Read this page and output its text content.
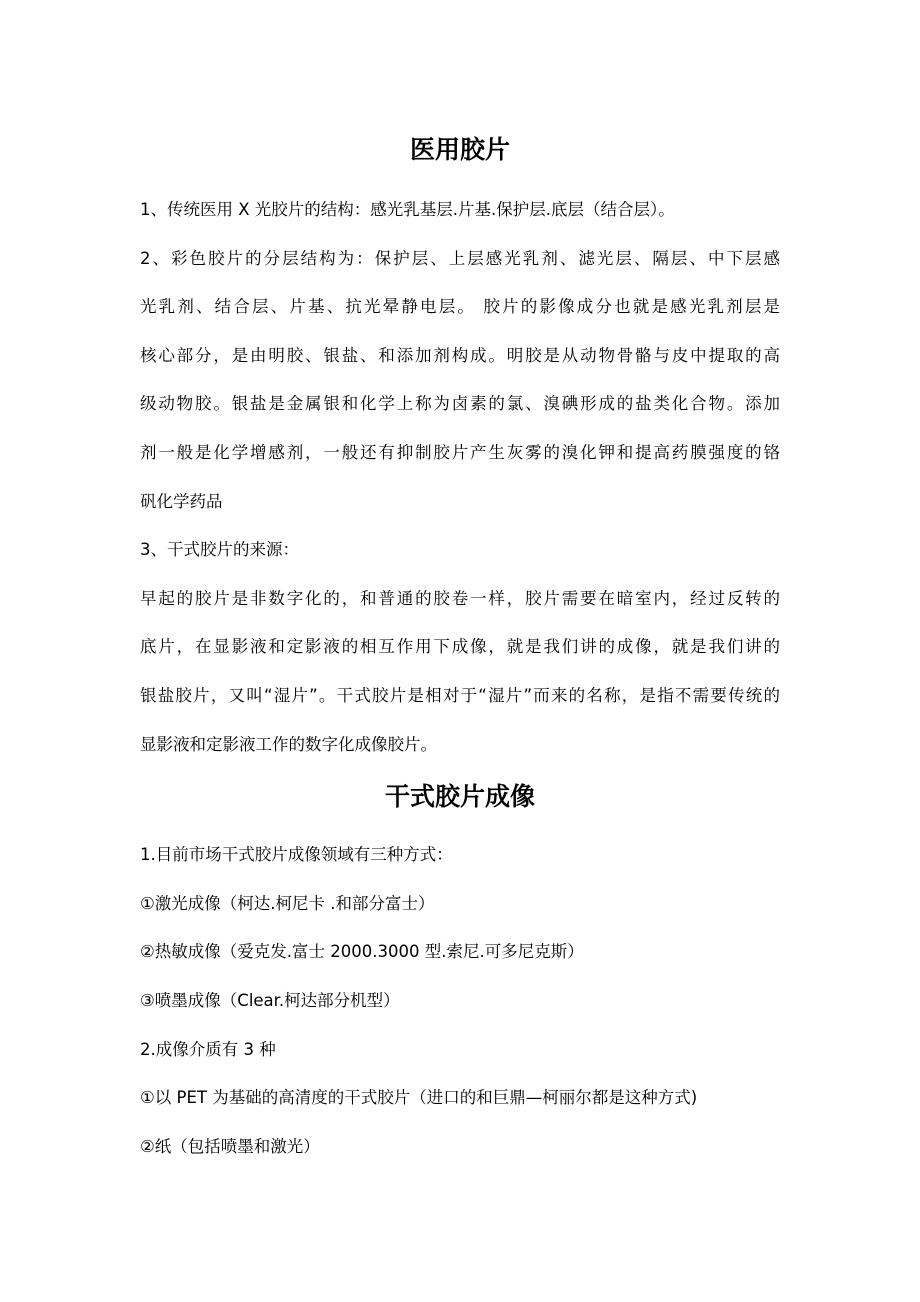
医用胶片

1、传统医用 X 光胶片的结构：感光乳基层.片基.保护层.底层（结合层）。

2、彩色胶片的分层结构为：保护层、上层感光乳剂、滤光层、隔层、中下层感

光乳剂、结合层、片基、抗光晕静电层。 胶片的影像成分也就是感光乳剂层是

核心部分，是由明胶、银盐、和添加剂构成。明胶是从动物骨骼与皮中提取的高

级动物胶。银盐是金属银和化学上称为卤素的氯、溴碘形成的盐类化合物。添加

剂一般是化学增感剂，一般还有抑制胶片产生灰雾的溴化钾和提高药膜强度的铬

矾化学药品

3、干式胶片的来源：

早起的胶片是非数字化的，和普通的胶卷一样，胶片需要在暗室内，经过反转的

底片，在显影液和定影液的相互作用下成像，就是我们讲的成像，就是我们讲的

银盐胶片，又叫“湿片”。干式胶片是相对于“湿片”而来的名称，是指不需要传统的

显影液和定影液工作的数字化成像胶片。

干式胶片成像

1.目前市场干式胶片成像领域有三种方式：

①激光成像（柯达.柯尼卡 .和部分富士）

②热敏成像（爱克发.富士 2000.3000 型.索尼.可多尼克斯）

③喷墨成像（Clear.柯达部分机型）

2.成像介质有 3 种

①以 PET 为基础的高清度的干式胶片（进口的和巨鼎—柯丽尔都是这种方式)

②纸（包括喷墨和激光）
